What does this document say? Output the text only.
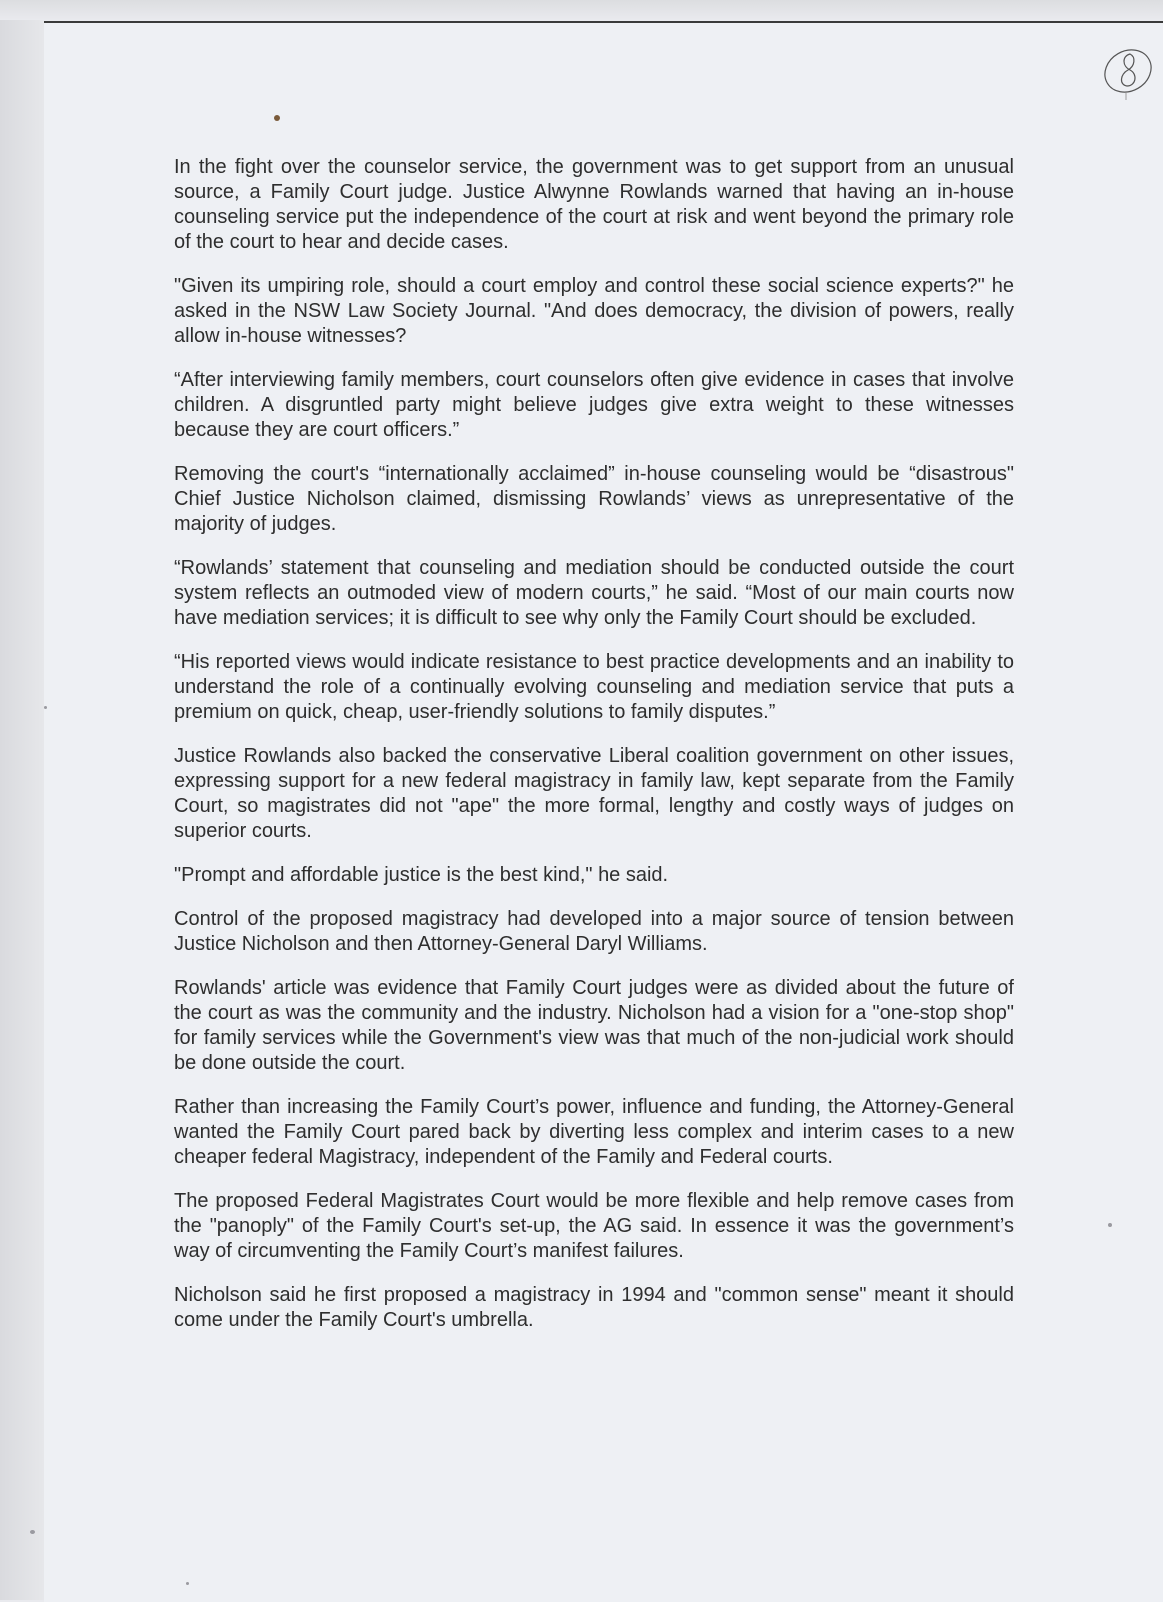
In the fight over the counselor service, the government was to get support from an unusual source, a Family Court judge. Justice Alwynne Rowlands warned that having an in-house counseling service put the independence of the court at risk and went beyond the primary role of the court to hear and decide cases.

"Given its umpiring role, should a court employ and control these social science experts?" he asked in the NSW Law Society Journal. "And does democracy, the division of powers, really allow in-house witnesses?

“After interviewing family members, court counselors often give evidence in cases that involve children. A disgruntled party might believe judges give extra weight to these witnesses because they are court officers.”

Removing the court's “internationally acclaimed” in-house counseling would be “disastrous" Chief Justice Nicholson claimed, dismissing Rowlands’ views as unrepresentative of the majority of judges.

“Rowlands’ statement that counseling and mediation should be conducted outside the court system reflects an outmoded view of modern courts,” he said. “Most of our main courts now have mediation services; it is difficult to see why only the Family Court should be excluded.

“His reported views would indicate resistance to best practice developments and an inability to understand the role of a continually evolving counseling and mediation service that puts a premium on quick, cheap, user-friendly solutions to family disputes.”

Justice Rowlands also backed the conservative Liberal coalition government on other issues, expressing support for a new federal magistracy in family law, kept separate from the Family Court, so magistrates did not "ape" the more formal, lengthy and costly ways of judges on superior courts.

"Prompt and affordable justice is the best kind," he said.

Control of the proposed magistracy had developed into a major source of tension between Justice Nicholson and then Attorney-General Daryl Williams.

Rowlands' article was evidence that Family Court judges were as divided about the future of the court as was the community and the industry. Nicholson had a vision for a "one-stop shop" for family services while the Government's view was that much of the non-judicial work should be done outside the court.

Rather than increasing the Family Court’s power, influence and funding, the Attorney-General wanted the Family Court pared back by diverting less complex and interim cases to a new cheaper federal Magistracy, independent of the Family and Federal courts.

The proposed Federal Magistrates Court would be more flexible and help remove cases from the "panoply" of the Family Court's set-up, the AG said. In essence it was the government’s way of circumventing the Family Court’s manifest failures.

Nicholson said he first proposed a magistracy in 1994 and "common sense" meant it should come under the Family Court's umbrella.
